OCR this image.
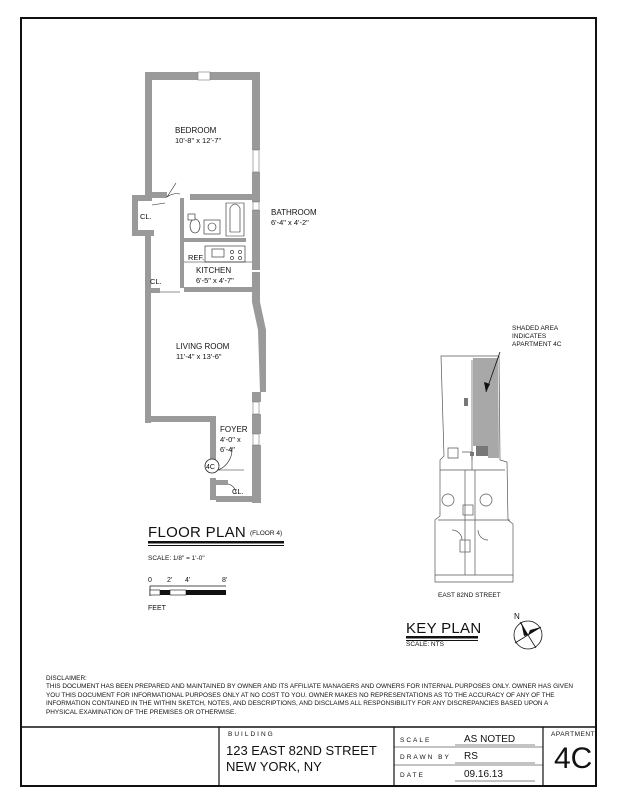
BEDROOM
10'-8" x 12'-7"
BATHROOM
6'-4" x 4'-2"
KITCHEN
6'-5" x 4'-7"
LIVING ROOM
11'-4" x 13'-6"
FOYER
4'-0" x
6'-4"
CL.
CL.
CL.
REF.
4C
0 2' 4'	8'
FEET
FLOOR PLAN (FLOOR 4)
SCALE: 1/8" = 1'-0"
SHADED AREA
INDICATES
APARTMENT 4C
EAST 82ND STREET
N
KEY PLAN
SCALE: NTS
DISCLAIMER:
THIS DOCUMENT HAS BEEN PREPARED AND MAINTAINED BY OWNER AND ITS AFFILIATE MANAGERS AND OWNERS FOR INTERNAL PURPOSES ONLY. OWNER HAS GIVEN YOU THIS DOCUMENT FOR INFORMATIONAL PURPOSES ONLY AT NO COST TO YOU. OWNER MAKES NO REPRESENTATIONS AS TO THE ACCURACY OF ANY OF THE INFORMATION CONTAINED IN THE WITHIN SKETCH, NOTES, AND DESCRIPTIONS, AND DISCLAIMS ALL RESPONSIBILITY FOR ANY DISCREPANCIES BASED UPON A PHYSICAL EXAMINATION OF THE PREMISES OR OTHERWISE.
BUILDING
123 EAST 82ND STREET
NEW YORK, NY
SCALE	AS NOTED
DRAWN BY RS
DATE	09.16.13
APARTMENT
4C
